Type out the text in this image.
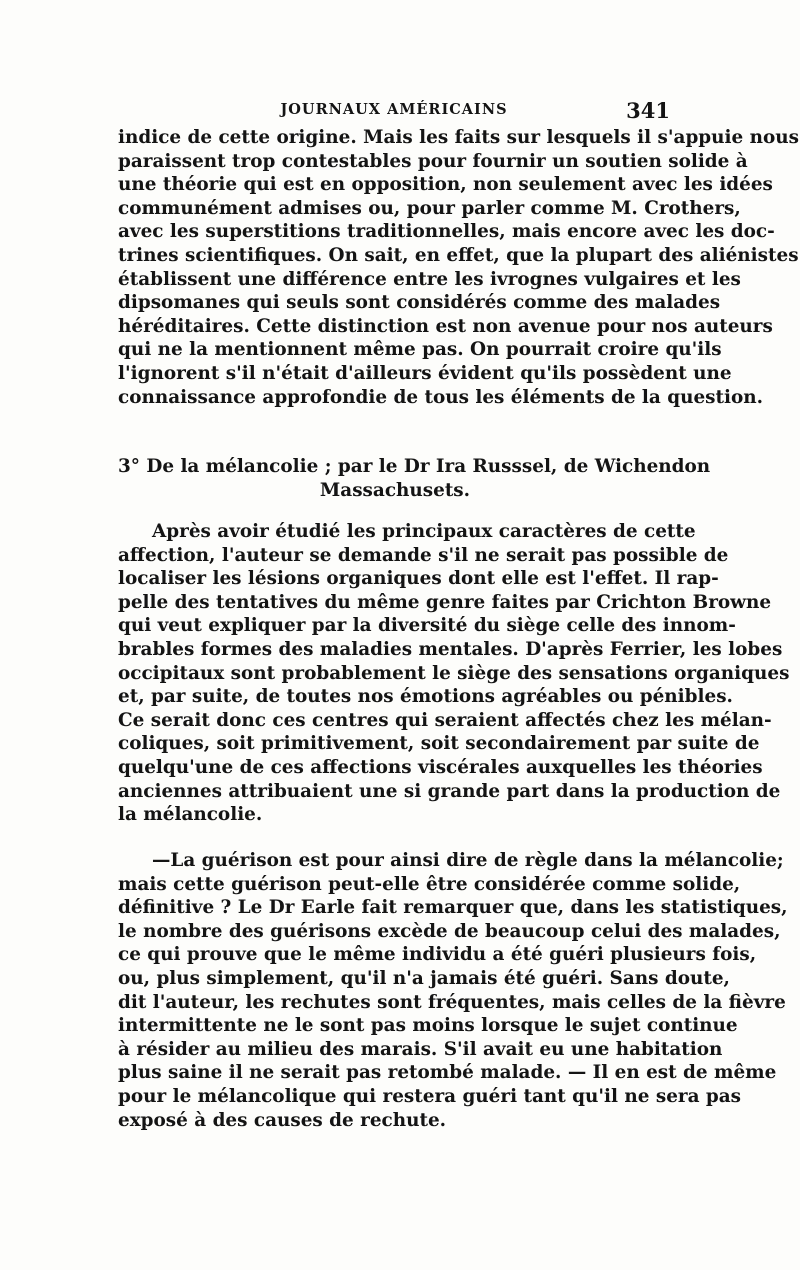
JOURNAUX AMÉRICAINS	341
indice de cette origine. Mais les faits sur lesquels il s'appuie nous
paraissent trop contestables pour fournir un soutien solide à
une théorie qui est en opposition, non seulement avec les idées
communément admises ou, pour parler comme M. Crothers,
avec les superstitions traditionnelles, mais encore avec les doc-
trines scientifiques. On sait, en effet, que la plupart des aliénistes
établissent une différence entre les ivrognes vulgaires et les
dipsomanes qui seuls sont considérés comme des malades
héréditaires. Cette distinction est non avenue pour nos auteurs
qui ne la mentionnent même pas. On pourrait croire qu'ils
l'ignorent s'il n'était d'ailleurs évident qu'ils possèdent une
connaissance approfondie de tous les éléments de la question.
3° De la mélancolie ; par le Dr Ira Russsel, de Wichendon
Massachusets.
Après avoir étudié les principaux caractères de cette
affection, l'auteur se demande s'il ne serait pas possible de
localiser les lésions organiques dont elle est l'effet. Il rap-
pelle des tentatives du même genre faites par Crichton Browne
qui veut expliquer par la diversité du siège celle des innom-
brables formes des maladies mentales. D'après Ferrier, les lobes
occipitaux sont probablement le siège des sensations organiques
et, par suite, de toutes nos émotions agréables ou pénibles.
Ce serait donc ces centres qui seraient affectés chez les mélan-
coliques, soit primitivement, soit secondairement par suite de
quelqu'une de ces affections viscérales auxquelles les théories
anciennes attribuaient une si grande part dans la production de
la mélancolie.
—La guérison est pour ainsi dire de règle dans la mélancolie;
mais cette guérison peut-elle être considérée comme solide,
définitive ? Le Dr Earle fait remarquer que, dans les statistiques,
le nombre des guérisons excède de beaucoup celui des malades,
ce qui prouve que le même individu a été guéri plusieurs fois,
ou, plus simplement, qu'il n'a jamais été guéri. Sans doute,
dit l'auteur, les rechutes sont fréquentes, mais celles de la fièvre
intermittente ne le sont pas moins lorsque le sujet continue
à résider au milieu des marais. S'il avait eu une habitation
plus saine il ne serait pas retombé malade. — Il en est de même
pour le mélancolique qui restera guéri tant qu'il ne sera pas
exposé à des causes de rechute.
